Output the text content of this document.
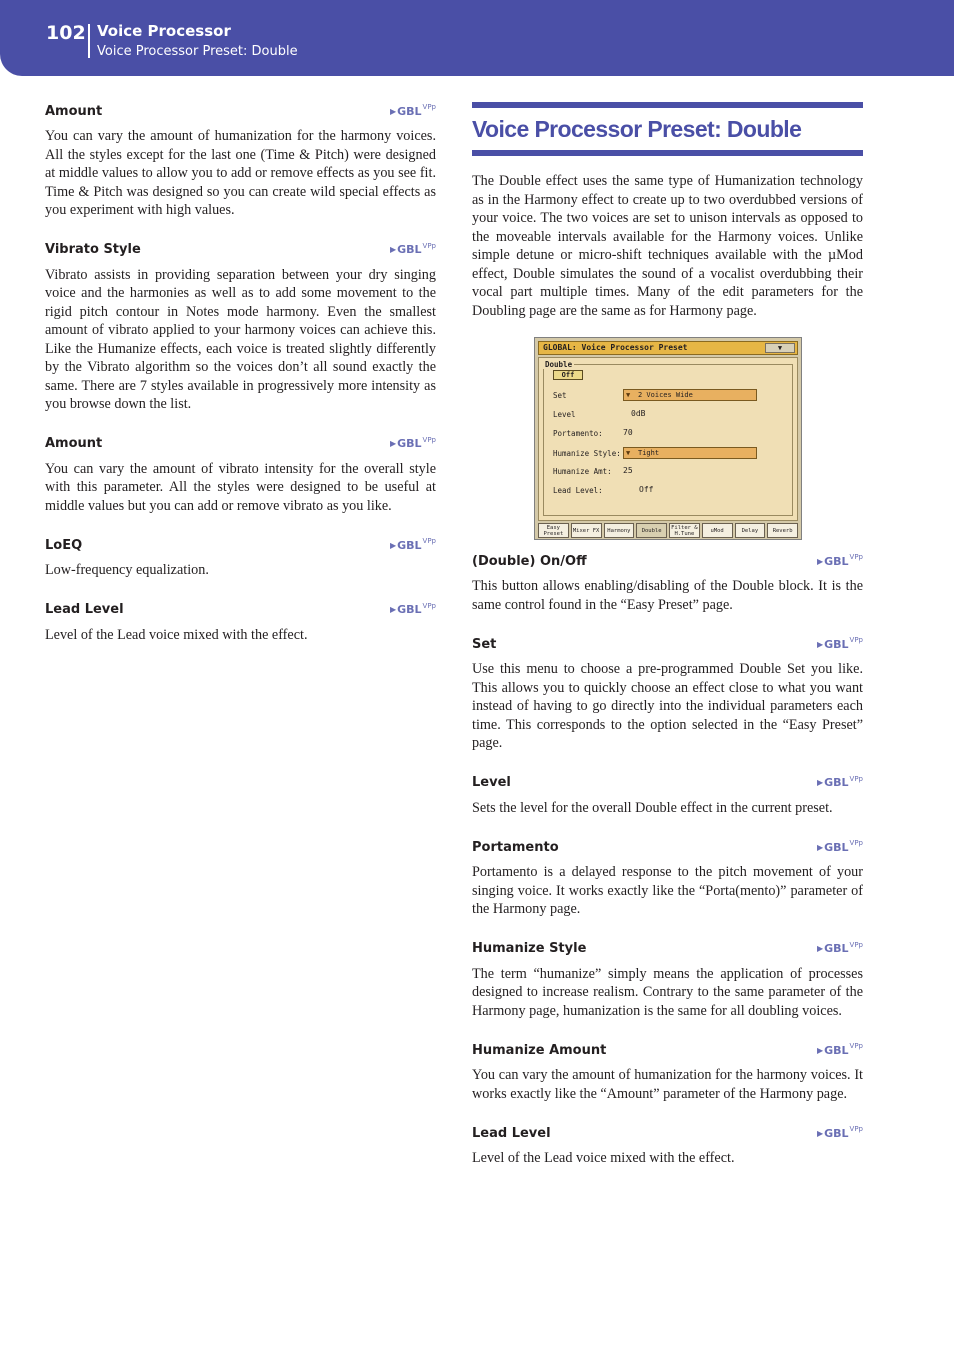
102 Voice Processor
Voice Processor Preset: Double
Amount	▶ $GBL^{VPp}$

You can vary the amount of humanization for the harmony voices. All the styles except for the last one (Time & Pitch) were designed at middle values to allow you to add or remove effects as you see fit. Time & Pitch was designed so you can create wild special effects as you experiment with high values.

Vibrato Style	▶ $GBL^{VPp}$

Vibrato assists in providing separation between your dry singing voice and the harmonies as well as to add some movement to the rigid pitch contour in Notes mode harmony. Even the smallest amount of vibrato applied to your harmony voices can achieve this. Like the Humanize effects, each voice is treated slightly differently by the Vibrato algorithm so the voices don’t all sound exactly the same. There are 7 styles available in progressively more intensity as you browse down the list.

Amount	▶ $GBL^{VPp}$

You can vary the amount of vibrato intensity for the overall style with this parameter. All the styles were designed to be useful at middle values but you can add or remove vibrato as you like.

LoEQ	▶ $GBL^{VPp}$

Low-frequency equalization.

Lead Level	▶ $GBL^{VPp}$

Level of the Lead voice mixed with the effect.

Voice Processor Preset: Double

The Double effect uses the same type of Humanization technology as in the Harmony effect to create up to two overdubbed versions of your voice. The two voices are set to unison intervals as opposed to the moveable intervals available for the Harmony voices. Unlike simple detune or micro-shift techniques available with the µMod effect, Double simulates the sound of a vocalist overdubbing their vocal part multiple times. Many of the edit parameters for the Doubling page are the same as for Harmony page.

(Double) On/Off	▶ $GBL^{VPp}$

This button allows enabling/disabling of the Double block. It is the same control found in the “Easy Preset” page.

Set	▶ $GBL^{VPp}$

Use this menu to choose a pre-programmed Double Set you like. This allows you to quickly choose an effect close to what you want instead of having to go directly into the individual parameters each time. This corresponds to the option selected in the “Easy Preset” page.

Level	▶ $GBL^{VPp}$

Sets the level for the overall Double effect in the current preset.

Portamento	▶ $GBL^{VPp}$

Portamento is a delayed response to the pitch movement of your singing voice. It works exactly like the “Porta(mento)” parameter of the Harmony page.

Humanize Style	▶ $GBL^{VPp}$

The term “humanize” simply means the application of processes designed to increase realism. Contrary to the same parameter of the Harmony page, humanization is the same for all doubling voices.

Humanize Amount	▶ $GBL^{VPp}$

You can vary the amount of humanization for the harmony voices. It works exactly like the “Amount” parameter of the Harmony page.

Lead Level	▶ $GBL^{VPp}$

Level of the Lead voice mixed with the effect.

GLOBAL: Voice Processor Preset	▼
Double
Off
Set	▼ 2 Voices Wide
Level	0dB
Portamento:	70
Humanize Style: ▼ Tight
Humanize Amt: 25
Lead Level:	Off
Easy Preset	Mixer FX	Harmony	Double	Filter & H.Tune	uMod	Delay	Reverb
